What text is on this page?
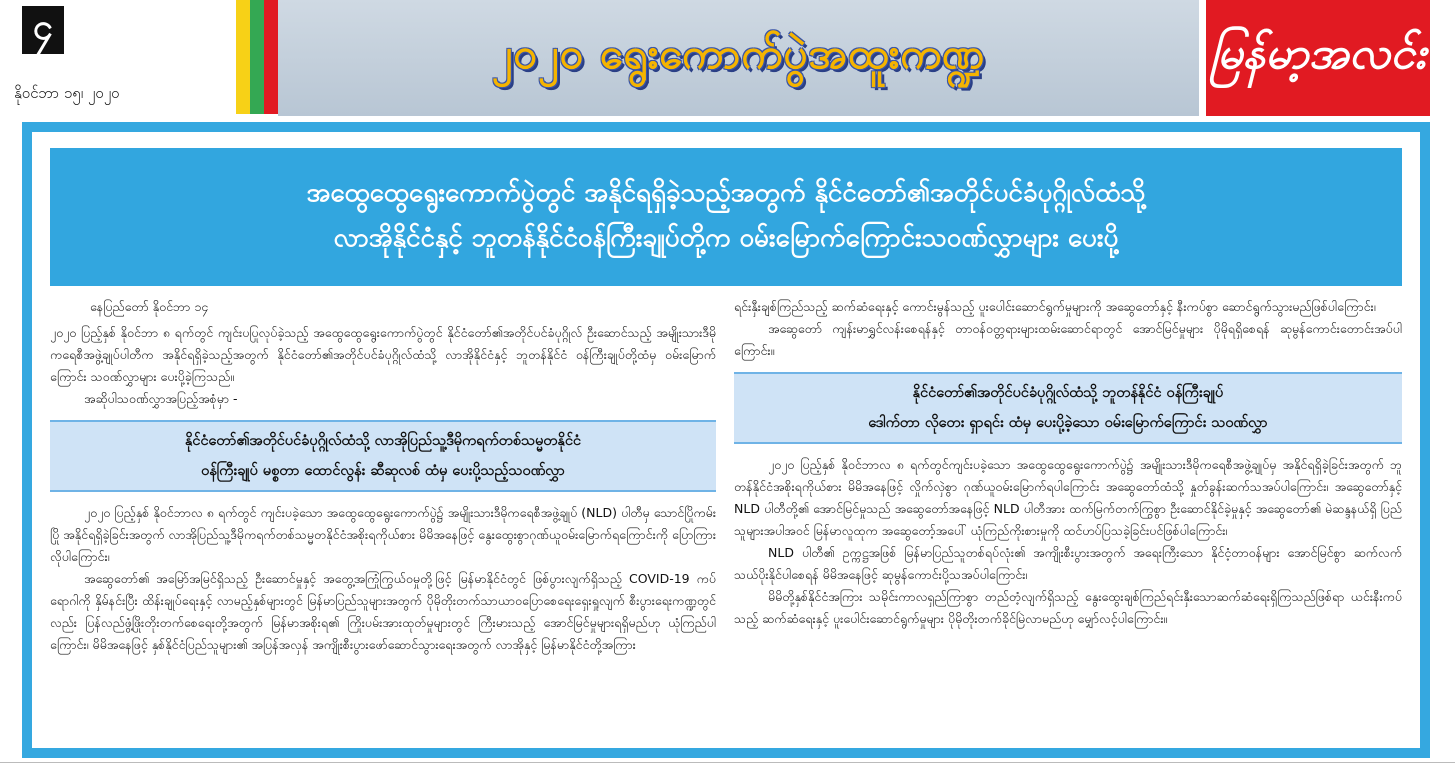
၄
နိုဝင်ဘာ ၁၅၊ ၂၀၂၀
၂၀၂၀ ရွေးကောက်ပွဲအထူးကဏ္ဍ	မြန်မာ့အလင်း
အထွေထွေရွေးကောက်ပွဲတွင် အနိုင်ရရှိခဲ့သည့်အတွက် နိုင်ငံတော်၏အတိုင်ပင်ခံပုဂ္ဂိုလ်ထံသို့
လာအိုနိုင်ငံနှင့် ဘူတန်နိုင်ငံဝန်ကြီးချုပ်တို့က ဝမ်းမြောက်ကြောင်းသဝဏ်လွှာများ ပေးပို့

နေပြည်တော် နိုဝင်ဘာ ၁၄

၂၀၂၀ ပြည့်နှစ် နိုဝင်ဘာ ၈ ရက်တွင် ကျင်းပပြုလုပ်ခဲ့သည့် အထွေထွေရွေးကောက်ပွဲတွင် နိုင်ငံတော်၏အတိုင်ပင်ခံပုဂ္ဂိုလ် ဦးဆောင်သည့် အမျိုးသားဒီမိုကရေစီအဖွဲ့ချုပ်ပါတီက အနိုင်ရရှိခဲ့သည့်အတွက် နိုင်ငံတော်၏အတိုင်ပင်ခံပုဂ္ဂိုလ်ထံသို့ လာအိုနိုင်ငံနှင့် ဘူတန်နိုင်ငံ ဝန်ကြီးချုပ်တို့ထံမှ ဝမ်းမြောက်ကြောင်း သဝဏ်လွှာများ ပေးပို့ခဲ့ကြသည်။

အဆိုပါသဝဏ်လွှာအပြည့်အစုံမှာ -

နိုင်ငံတော်၏အတိုင်ပင်ခံပုဂ္ဂိုလ်ထံသို့ လာအိုပြည်သူ့ဒီမိုကရက်တစ်သမ္မတနိုင်ငံ
ဝန်ကြီးချုပ် မစ္စတာ ထောင်လွန်း ဆီဆုလစ် ထံမှ ပေးပို့သည့်သဝဏ်လွှာ

၂၀၂၀ ပြည့်နှစ် နိုဝင်ဘာလ ၈ ရက်တွင် ကျင်းပခဲ့သော အထွေထွေရွေးကောက်ပွဲ၌ အမျိုးသားဒီမိုကရေစီအဖွဲ့ချုပ် (NLD) ပါတီမှ သောင်ပြိုကမ်းပြို အနိုင်ရရှိခဲ့ခြင်းအတွက် လာအိုပြည်သူ့ဒီမိုကရက်တစ်သမ္မတနိုင်ငံအစိုးရကိုယ်စား မိမိအနေဖြင့် နွေးထွေးစွာဂုဏ်ယူဝမ်းမြောက်ရကြောင်းကို ပြောကြားလိုပါကြောင်း၊

အဆွေတော်၏ အမြော်အမြင်ရှိသည့် ဦးဆောင်မှုနှင့် အတွေ့အကြုံကြွယ်ဝမှုတို့ဖြင့် မြန်မာနိုင်ငံတွင် ဖြစ်ပွားလျက်ရှိသည့် COVID-19 ကပ်ရောဂါကို နှိမ်နင်းပြီး ထိန်းချုပ်ရေးနှင့် လာမည့်နှစ်များတွင် မြန်မာပြည်သူများအတွက် ပိုမိုတိုးတက်သာယာဝပြောစေရေးရှေးရှုလျက် စီးပွားရေးကဏ္ဍတွင်လည်း ပြန်လည်ဖွံ့ဖြိုးတိုးတက်စေရေးတို့အတွက် မြန်မာအစိုးရ၏ ကြိုးပမ်းအားထုတ်မှုများတွင် ကြီးမားသည့် အောင်မြင်မှုများရရှိမည်ဟု ယုံကြည်ပါကြောင်း၊ မိမိအနေဖြင့် နှစ်နိုင်ငံပြည်သူများ၏ အပြန်အလှန် အကျိုးစီးပွားဖော်ဆောင်သွားရေးအတွက် လာအိုနှင့် မြန်မာနိုင်ငံတို့အကြား

ရင်းနှီးချစ်ကြည်သည့် ဆက်ဆံရေးနှင့် ကောင်းမွန်သည့် ပူးပေါင်းဆောင်ရွက်မှုများကို အဆွေတော်နှင့် နီးကပ်စွာ ဆောင်ရွက်သွားမည်ဖြစ်ပါကြောင်း၊

အဆွေတော် ကျန်းမာရွှင်လန်းစေရန်နှင့် တာဝန်ဝတ္တရားများထမ်းဆောင်ရာတွင် အောင်မြင်မှုများ ပိုမိုရရှိစေရန် ဆုမွန်ကောင်းတောင်းအပ်ပါကြောင်း။

နိုင်ငံတော်၏အတိုင်ပင်ခံပုဂ္ဂိုလ်ထံသို့ ဘူတန်နိုင်ငံ ဝန်ကြီးချုပ်
ဒေါက်တာ လိုတေး ရှာရင်း ထံမှ ပေးပို့ခဲ့သော ဝမ်းမြောက်ကြောင်း သဝဏ်လွှာ

၂၀၂၀ ပြည့်နှစ် နိုဝင်ဘာလ ၈ ရက်တွင်ကျင်းပခဲ့သော အထွေထွေရွေးကောက်ပွဲ၌ အမျိုးသားဒီမိုကရေစီအဖွဲ့ချုပ်မှ အနိုင်ရရှိခဲ့ခြင်းအတွက် ဘူတန်နိုင်ငံအစိုးရကိုယ်စား မိမိအနေဖြင့် လှိုက်လှဲစွာ ဂုဏ်ယူဝမ်းမြောက်ရပါကြောင်း အဆွေတော်ထံသို့ နှုတ်ခွန်းဆက်သအပ်ပါကြောင်း၊ အဆွေတော်နှင့် NLD ပါတီတို့၏ အောင်မြင်မှုသည် အဆွေတော်အနေဖြင့် NLD ပါတီအား ထက်မြက်တက်ကြွစွာ ဦးဆောင်နိုင်ခဲ့မှုနှင့် အဆွေတော်၏ မဲဆန္ဒနယ်ရှိ ပြည်သူများအပါအဝင် မြန်မာလူထုက အဆွေတော့်အပေါ် ယုံကြည်ကိုးစားမှုကို ထင်ဟပ်ပြသခဲ့ခြင်းပင်ဖြစ်ပါကြောင်း၊

NLD ပါတီ၏ ဥက္ကဋ္ဌအဖြစ် မြန်မာပြည်သူတစ်ရပ်လုံး၏ အကျိုးစီးပွားအတွက် အရေးကြီးသော နိုင်ငံ့တာဝန်များ အောင်မြင်စွာ ဆက်လက်သယ်ပိုးနိုင်ပါစေရန် မိမိအနေဖြင့် ဆုမွန်ကောင်းပို့သအပ်ပါကြောင်း၊

မိမိတို့နှစ်နိုင်ငံအကြား သမိုင်းကာလရှည်ကြာစွာ တည်တံ့လျက်ရှိသည့် နွေးထွေးချစ်ကြည်ရင်းနှီးသောဆက်ဆံရေးရှိကြသည်ဖြစ်ရာ ယင်းနီးကပ်သည့် ဆက်ဆံရေးနှင့် ပူးပေါင်းဆောင်ရွက်မှုများ ပိုမိုတိုးတက်ခိုင်မြဲလာမည်ဟု မျှော်လင့်ပါကြောင်း။
